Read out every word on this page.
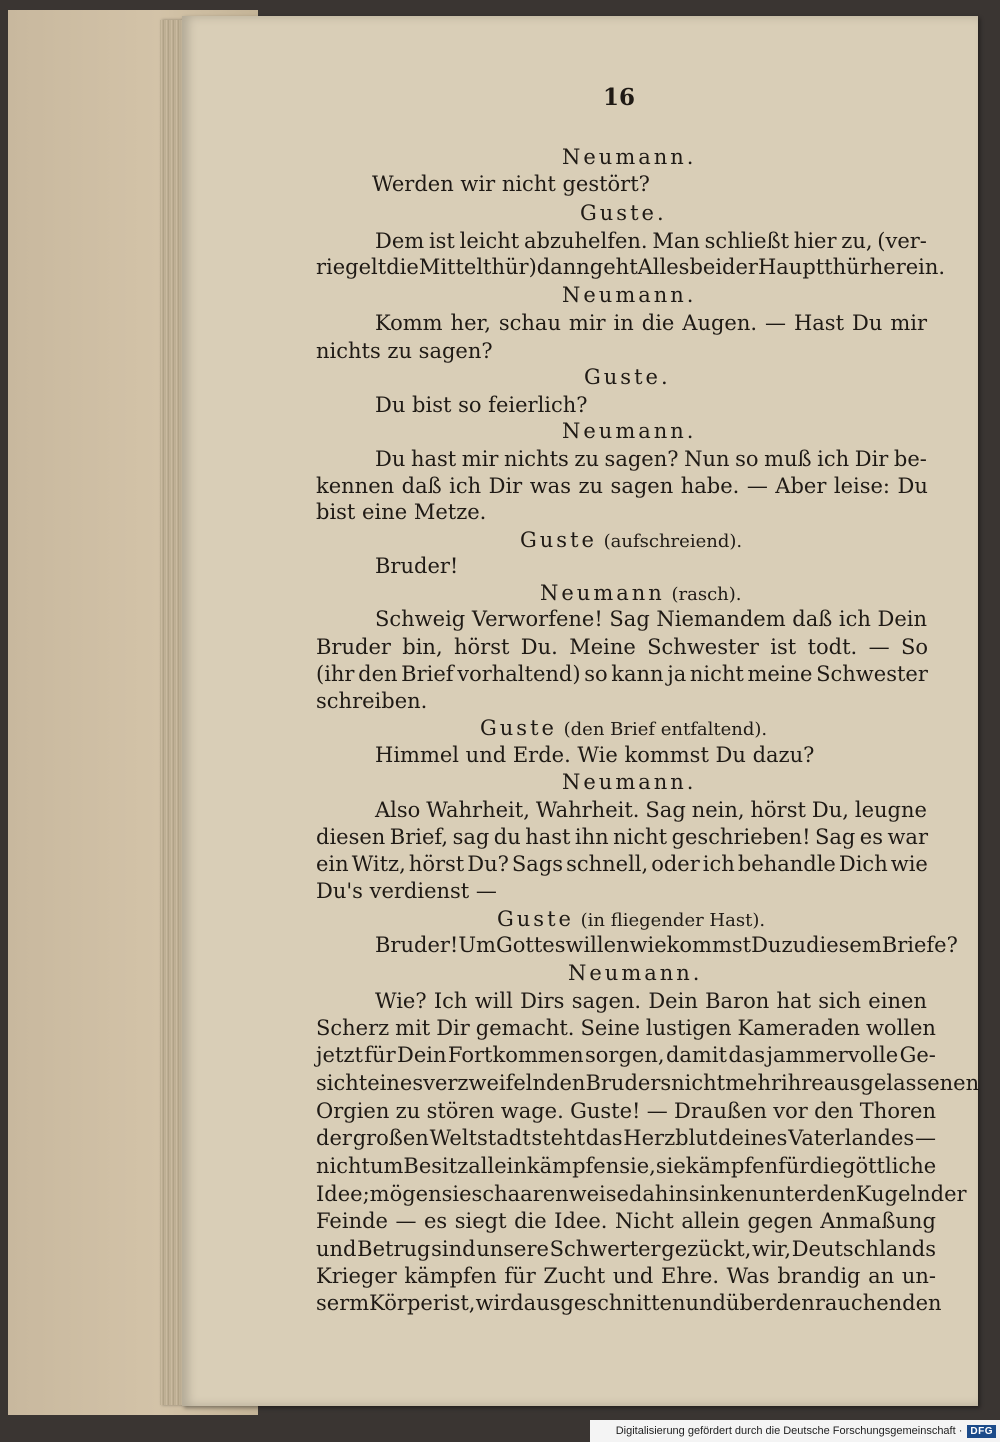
16

Neumann.

Werden wir nicht gestört?

Guste.

Dem ist leicht abzuhelfen. Man schließt hier zu, (ver-

riegelt die Mittelthür) dann geht Alles bei der Hauptthür herein.

Neumann.

Komm her, schau mir in die Augen. — Hast Du mir

nichts zu sagen?

Guste.

Du bist so feierlich?

Neumann.

Du hast mir nichts zu sagen? Nun so muß ich Dir be-

kennen daß ich Dir was zu sagen habe. — Aber leise: Du

bist eine Metze.

Guste (aufschreiend).

Bruder!

Neumann (rasch).

Schweig Verworfene! Sag Niemandem daß ich Dein

Bruder bin, hörst Du. Meine Schwester ist todt. — So

(ihr den Brief vorhaltend) so kann ja nicht meine Schwester

schreiben.

Guste (den Brief entfaltend).

Himmel und Erde. Wie kommst Du dazu?

Neumann.

Also Wahrheit, Wahrheit. Sag nein, hörst Du, leugne

diesen Brief, sag du hast ihn nicht geschrieben! Sag es war

ein Witz, hörst Du? Sags schnell, oder ich behandle Dich wie

Du's verdienst —

Guste (in fliegender Hast).

Bruder! Um Gotteswillen wie kommst Du zu diesem Briefe?

Neumann.

Wie? Ich will Dirs sagen. Dein Baron hat sich einen

Scherz mit Dir gemacht. Seine lustigen Kameraden wollen

jetzt für Dein Fortkommen sorgen, damit das jammervolle Ge-

sicht eines verzweifelnden Bruders nicht mehr ihre ausgelassenen

Orgien zu stören wage. Guste! — Draußen vor den Thoren

der großen Weltstadt steht das Herzblut deines Vaterlandes —

nicht um Besitz allein kämpfen sie, sie kämpfen für die göttliche

Idee; mögen sie schaarenweise dahinsinken unter den Kugeln der

Feinde — es siegt die Idee. Nicht allein gegen Anmaßung

und Betrug sind unsere Schwerter gezückt, wir, Deutschlands

Krieger kämpfen für Zucht und Ehre. Was brandig an un-

serm Körper ist, wird ausgeschnitten und über den rauchenden

Digitalisierung gefördert durch die Deutsche Forschungsgemeinschaft · DFG
